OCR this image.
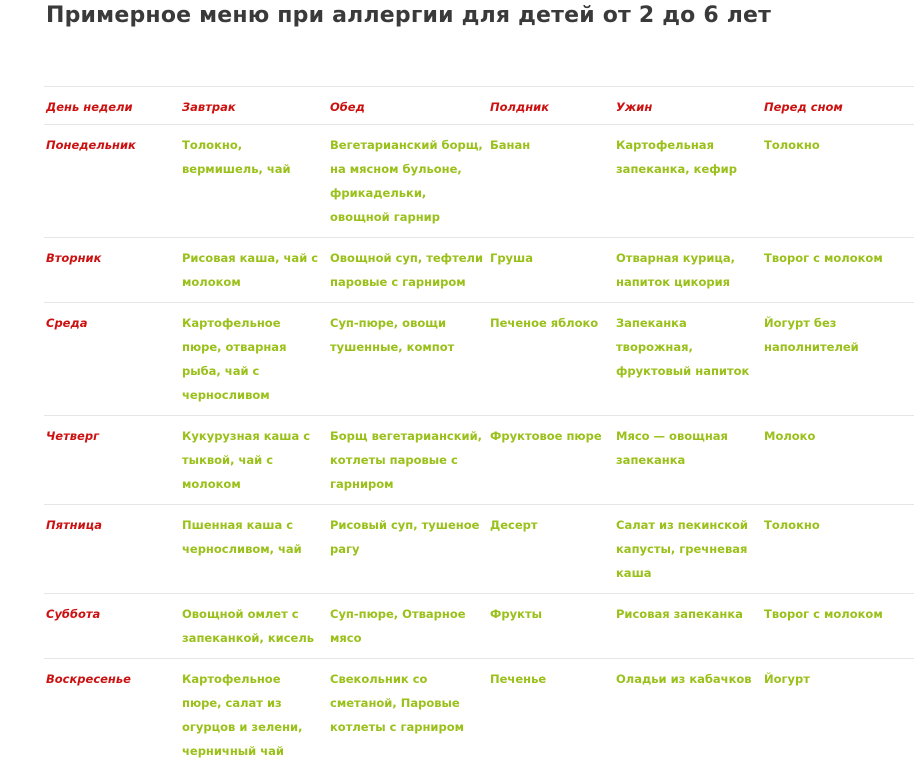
Примерное меню при аллергии для детей от 2 до 6 лет
День недели	Завтрак	Обед	Полдник	Ужин	Перед сном
Понедельник	Толокно, вермишель, чай	Вегетарианский борщ, на мясном бульоне, фрикадельки, овощной гарнир	Банан	Картофельная запеканка, кефир	Толокно
Вторник	Рисовая каша, чай с молоком	Овощной суп, тефтели паровые с гарниром	Груша	Отварная курица, напиток цикория	Творог с молоком
Среда	Картофельное пюре, отварная рыба, чай с черносливом	Суп-пюре, овощи тушенные, компот	Печеное яблоко	Запеканка творожная, фруктовый напиток	Йогурт без наполнителей
Четверг	Кукурузная каша с тыквой, чай с молоком	Борщ вегетарианский, котлеты паровые с гарниром	Фруктовое пюре	Мясо — овощная запеканка	Молоко
Пятница	Пшенная каша с черносливом, чай	Рисовый суп, тушеное рагу	Десерт	Салат из пекинской капусты, гречневая каша	Толокно
Суббота	Овощной омлет с запеканкой, кисель	Суп-пюре, Отварное мясо	Фрукты	Рисовая запеканка	Творог с молоком
Воскресенье	Картофельное пюре, салат из огурцов и зелени, черничный чай	Свекольник со сметаной, Паровые котлеты с гарниром	Печенье	Оладьи из кабачков	Йогурт
